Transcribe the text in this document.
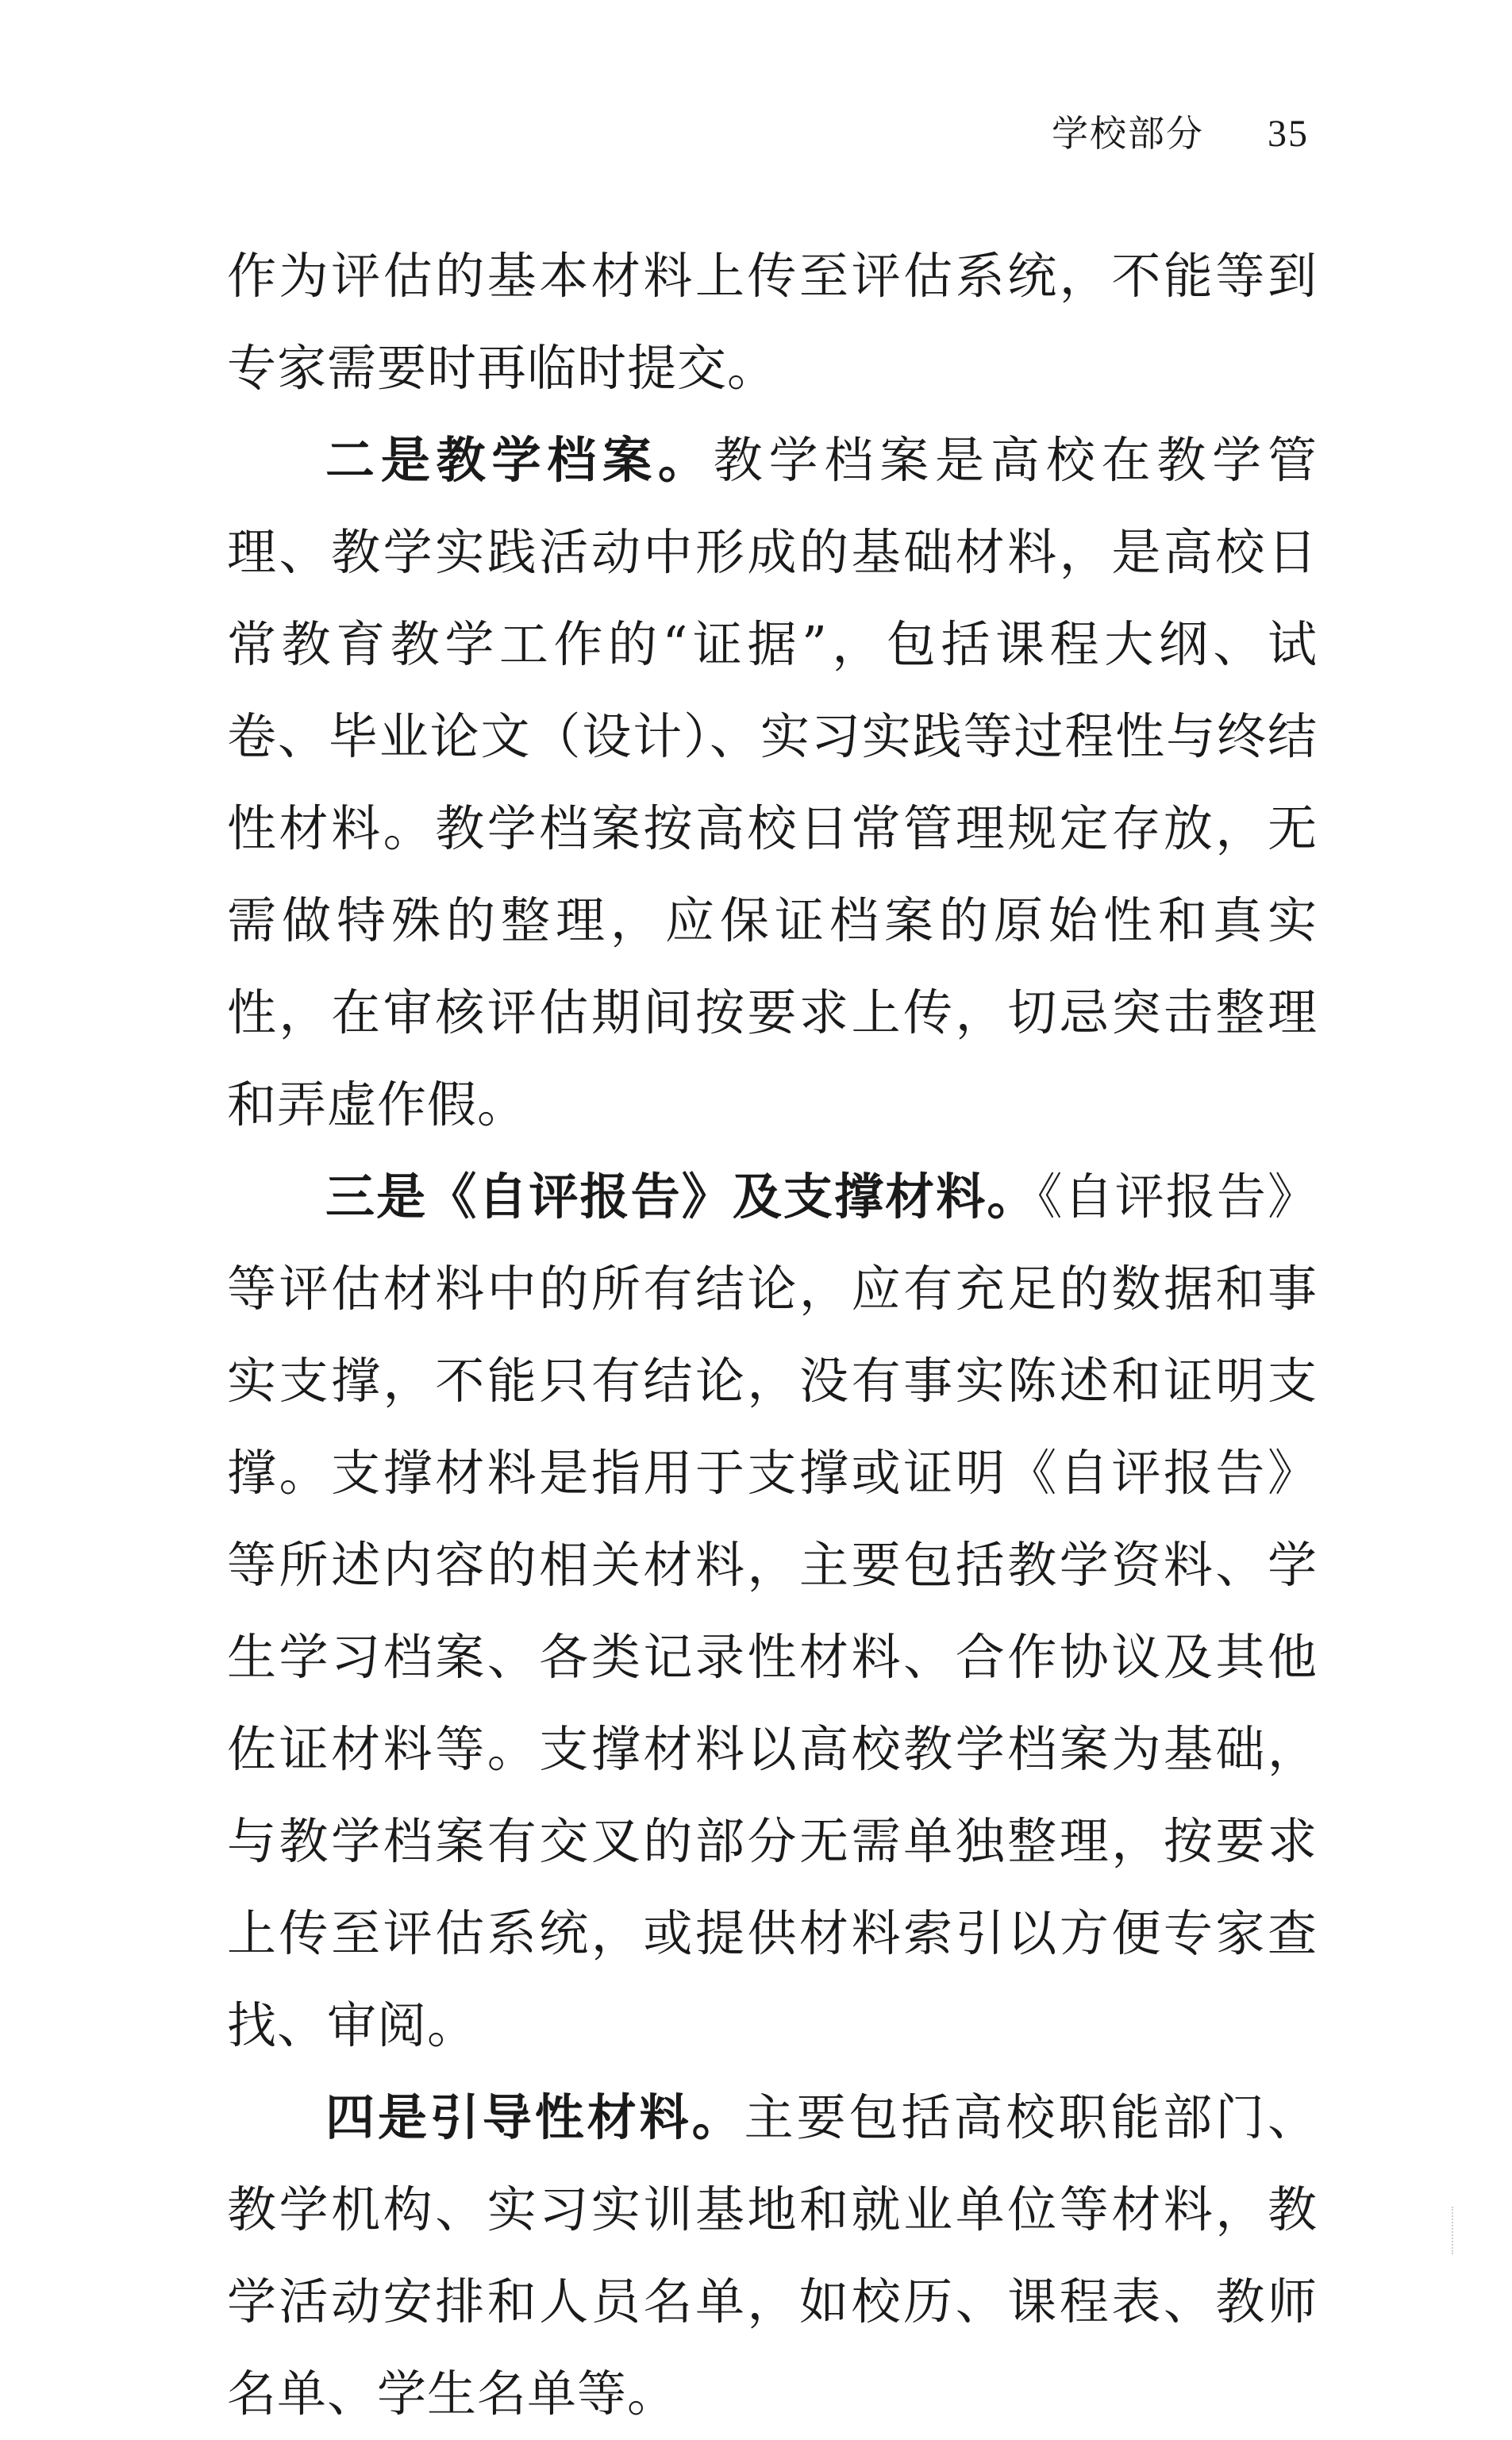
学校部分 35

作为评估的基本材料上传至评估系统，不能等到专家需要时再临时提交。

二是教学档案。教学档案是高校在教学管理、教学实践活动中形成的基础材料，是高校日常教育教学工作的“证据”，包括课程大纲、试卷、毕业论文（设计）、实习实践等过程性与终结性材料。教学档案按高校日常管理规定存放，无需做特殊的整理，应保证档案的原始性和真实性，在审核评估期间按要求上传，切忌突击整理和弄虚作假。

三是《自评报告》及支撑材料。《自评报告》等评估材料中的所有结论，应有充足的数据和事实支撑，不能只有结论，没有事实陈述和证明支撑。支撑材料是指用于支撑或证明《自评报告》等所述内容的相关材料，主要包括教学资料、学生学习档案、各类记录性材料、合作协议及其他佐证材料等。支撑材料以高校教学档案为基础，与教学档案有交叉的部分无需单独整理，按要求上传至评估系统，或提供材料索引以方便专家查找、审阅。

四是引导性材料。主要包括高校职能部门、教学机构、实习实训基地和就业单位等材料，教学活动安排和人员名单，如校历、课程表、教师名单、学生名单等。
